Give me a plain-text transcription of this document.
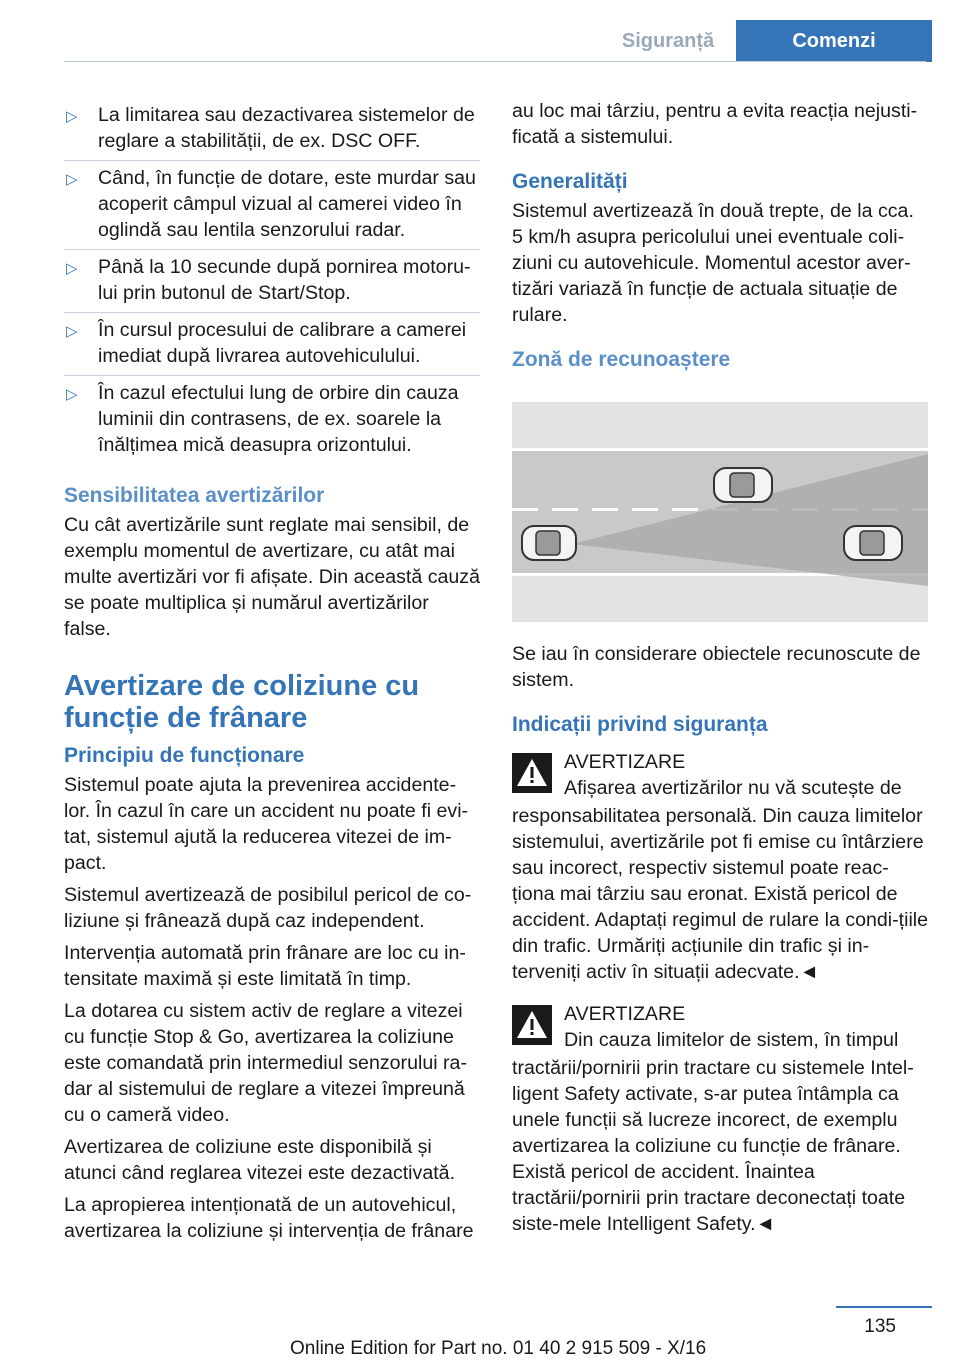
Siguranță	Comenzi
▷ La limitarea sau dezactivarea sistemelor de reglare a stabilității, de ex. DSC OFF.
▷ Când, în funcție de dotare, este murdar sau acoperit câmpul vizual al camerei video în oglindă sau lentila senzorului radar.
▷ Până la 10 secunde după pornirea motoru‐lui prin butonul de Start/Stop.
▷ În cursul procesului de calibrare a camerei imediat după livrarea autovehiculului.
▷ În cazul efectului lung de orbire din cauza luminii din contrasens, de ex. soarele la înălțimea mică deasupra orizontului.
Sensibilitatea avertizărilor

Cu cât avertizările sunt reglate mai sensibil, de exemplu momentul de avertizare, cu atât mai multe avertizări vor fi afișate. Din această cauză se poate multiplica și numărul avertizărilor false.

Avertizare de coliziune cu funcție de frânare
Principiu de funcționare

Sistemul poate ajuta la prevenirea accidente‐lor. În cazul în care un accident nu poate fi evi‐tat, sistemul ajută la reducerea vitezei de im‐pact.

Sistemul avertizează de posibilul pericol de co‐liziune și frânează după caz independent.

Intervenția automată prin frânare are loc cu in‐tensitate maximă și este limitată în timp.

La dotarea cu sistem activ de reglare a vitezei cu funcție Stop & Go, avertizarea la coliziune este comandată prin intermediul senzorului ra‐dar al sistemului de reglare a vitezei împreună cu o cameră video.

Avertizarea de coliziune este disponibilă și atunci când reglarea vitezei este dezactivată.

La apropierea intenționată de un autovehicul, avertizarea la coliziune și intervenția de frânare

au loc mai târziu, pentru a evita reacția nejusti‐ficată a sistemului.

Generalități

Sistemul avertizează în două trepte, de la cca. 5 km/h asupra pericolului unei eventuale coli‐ziuni cu autovehicule. Momentul acestor aver‐tizări variază în funcție de actuala situație de rulare.

Zonă de recunoaștere

Se iau în considerare obiectele recunoscute de sistem.

Indicații privind siguranța
AVERTIZARE
Afișarea avertizărilor nu vă scutește de
responsabilitatea personală. Din cauza limitelor sistemului, avertizările pot fi emise cu întârziere sau incorect, respectiv sistemul poate reac‐ționa mai târziu sau eronat. Există pericol de accident. Adaptați regimul de rulare la condi‐țiile din trafic. Urmăriți acțiunile din trafic și in‐terveniți activ în situații adecvate.◄
AVERTIZARE
Din cauza limitelor de sistem, în timpul
tractării/pornirii prin tractare cu sistemele Intel‐ligent Safety activate, s-ar putea întâmpla ca unele funcții să lucreze incorect, de exemplu avertizarea la coliziune cu funcție de frânare. Există pericol de accident. Înaintea tractării/pornirii prin tractare deconectați toate siste‐mele Intelligent Safety.◄
135
Online Edition for Part no. 01 40 2 915 509 - X/16
